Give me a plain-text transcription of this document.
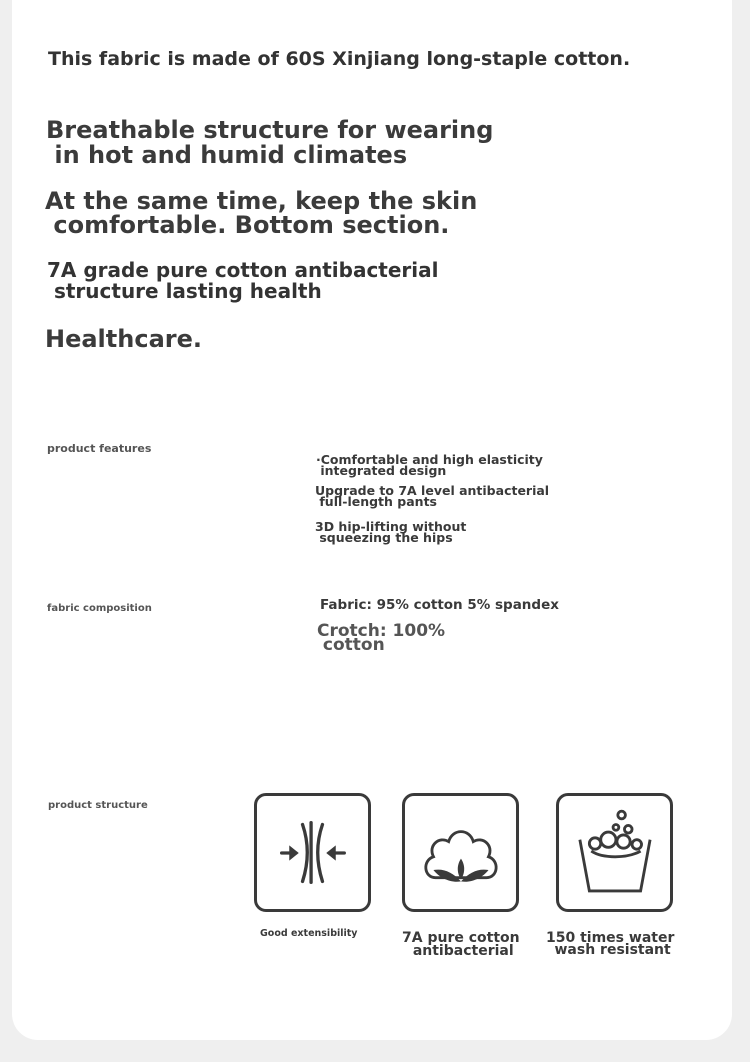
This fabric is made of 60S Xinjiang long-staple cotton.

Breathable structure for wearing
in hot and humid climates

At the same time, keep the skin
comfortable. Bottom section.

7A grade pure cotton antibacterial
structure lasting health

Healthcare.

product features

·Comfortable and high elasticity
integrated design

Upgrade to 7A level antibacterial
full-length pants

3D hip-lifting without
squeezing the hips

fabric composition	Fabric: 95% cotton 5% spandex

Crotch: 100%
cotton

product structure

Good extensibility	7A pure cotton
antibacterial

150 times water
wash resistant
